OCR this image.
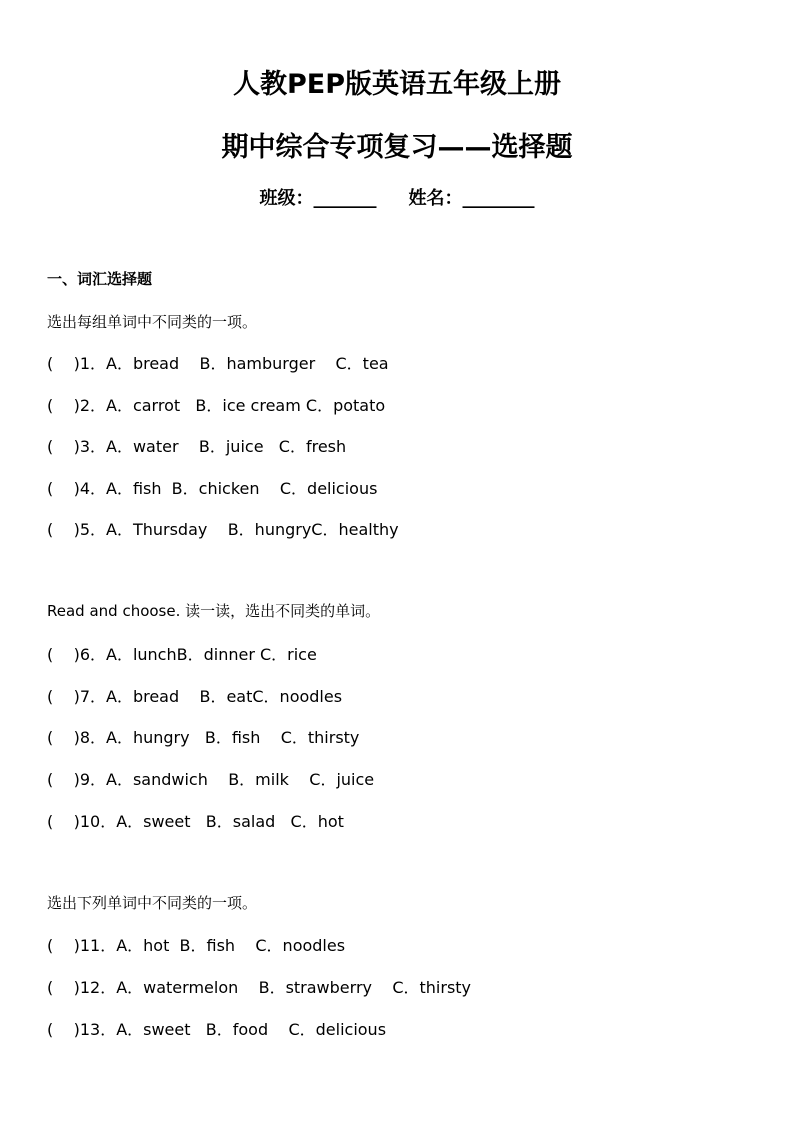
人教PEP版英语五年级上册
期中综合专项复习——选择题
班级：_______ 姓名：________
一、词汇选择题
选出每组单词中不同类的一项。
(    )1．A．bread    B．hamburger    C．tea
(    )2．A．carrot   B．ice cream C．potato
(    )3．A．water    B．juice   C．fresh
(    )4．A．fish  B．chicken    C．delicious
(    )5．A．Thursday    B．hungryC．healthy
Read and choose. 读一读，选出不同类的单词。
(    )6．A．lunchB．dinner C．rice
(    )7．A．bread    B．eatC．noodles
(    )8．A．hungry   B．fish    C．thirsty
(    )9．A．sandwich    B．milk    C．juice
(    )10．A．sweet   B．salad   C．hot
选出下列单词中不同类的一项。
(    )11．A．hot  B．fish    C．noodles
(    )12．A．watermelon    B．strawberry    C．thirsty
(    )13．A．sweet   B．food    C．delicious
